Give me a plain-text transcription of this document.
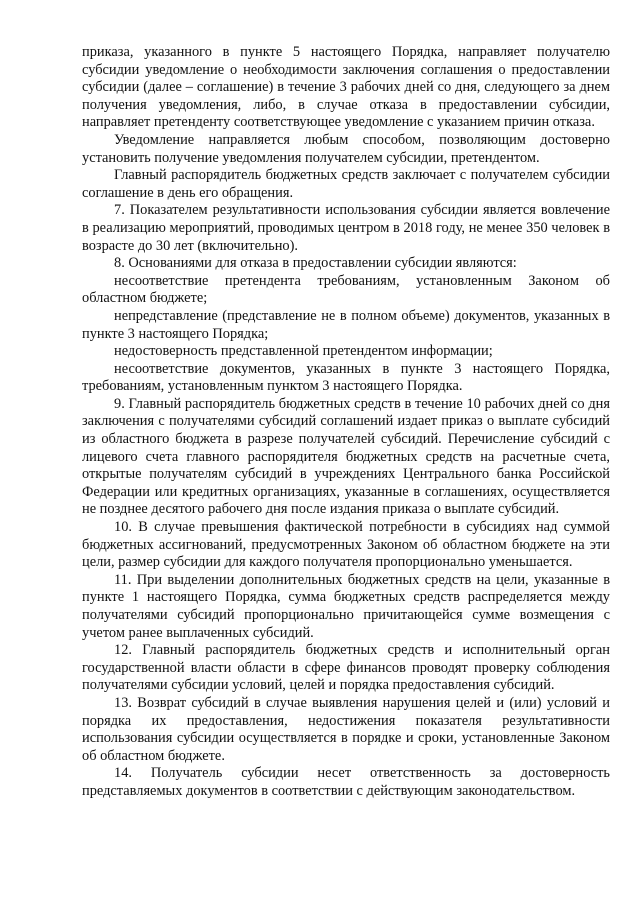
приказа, указанного в пункте 5 настоящего Порядка, направляет получателю субсидии уведомление о необходимости заключения соглашения о предоставлении субсидии (далее – соглашение) в течение 3 рабочих дней со дня, следующего за днем получения уведомления, либо, в случае отказа в предоставлении субсидии, направляет претенденту соответствующее уведомление с указанием причин отказа.

Уведомление направляется любым способом, позволяющим достоверно установить получение уведомления получателем субсидии, претендентом.

Главный распорядитель бюджетных средств заключает с получателем субсидии соглашение в день его обращения.

7. Показателем результативности использования субсидии является вовлечение в реализацию мероприятий, проводимых центром в 2018 году, не менее 350 человек в возрасте до 30 лет (включительно).

8. Основаниями для отказа в предоставлении субсидии являются:

несоответствие претендента требованиям, установленным Законом об областном бюджете;

непредставление (представление не в полном объеме) документов, указанных в пункте 3 настоящего Порядка;

недостоверность представленной претендентом информации;

несоответствие документов, указанных в пункте 3 настоящего Порядка, требованиям, установленным пунктом 3 настоящего Порядка.

9. Главный распорядитель бюджетных средств в течение 10 рабочих дней со дня заключения с получателями субсидий соглашений издает приказ о выплате субсидий из областного бюджета в разрезе получателей субсидий. Перечисление субсидий с лицевого счета главного распорядителя бюджетных средств на расчетные счета, открытые получателям субсидий в учреждениях Центрального банка Российской Федерации или кредитных организациях, указанные в соглашениях, осуществляется не позднее десятого рабочего дня после издания приказа о выплате субсидий.

10. В случае превышения фактической потребности в субсидиях над суммой бюджетных ассигнований, предусмотренных Законом об областном бюджете на эти цели, размер субсидии для каждого получателя пропорционально уменьшается.

11. При выделении дополнительных бюджетных средств на цели, указанные в пункте 1 настоящего Порядка, сумма бюджетных средств распределяется между получателями субсидий пропорционально причитающейся сумме возмещения с учетом ранее выплаченных субсидий.

12. Главный распорядитель бюджетных средств и исполнительный орган государственной власти области в сфере финансов проводят проверку соблюдения получателями субсидии условий, целей и порядка предоставления субсидий.

13. Возврат субсидий в случае выявления нарушения целей и (или) условий и порядка их предоставления, недостижения показателя результативности использования субсидии осуществляется в порядке и сроки, установленные Законом об областном бюджете.

14. Получатель субсидии несет ответственность за достоверность представляемых документов в соответствии с действующим законодательством.
